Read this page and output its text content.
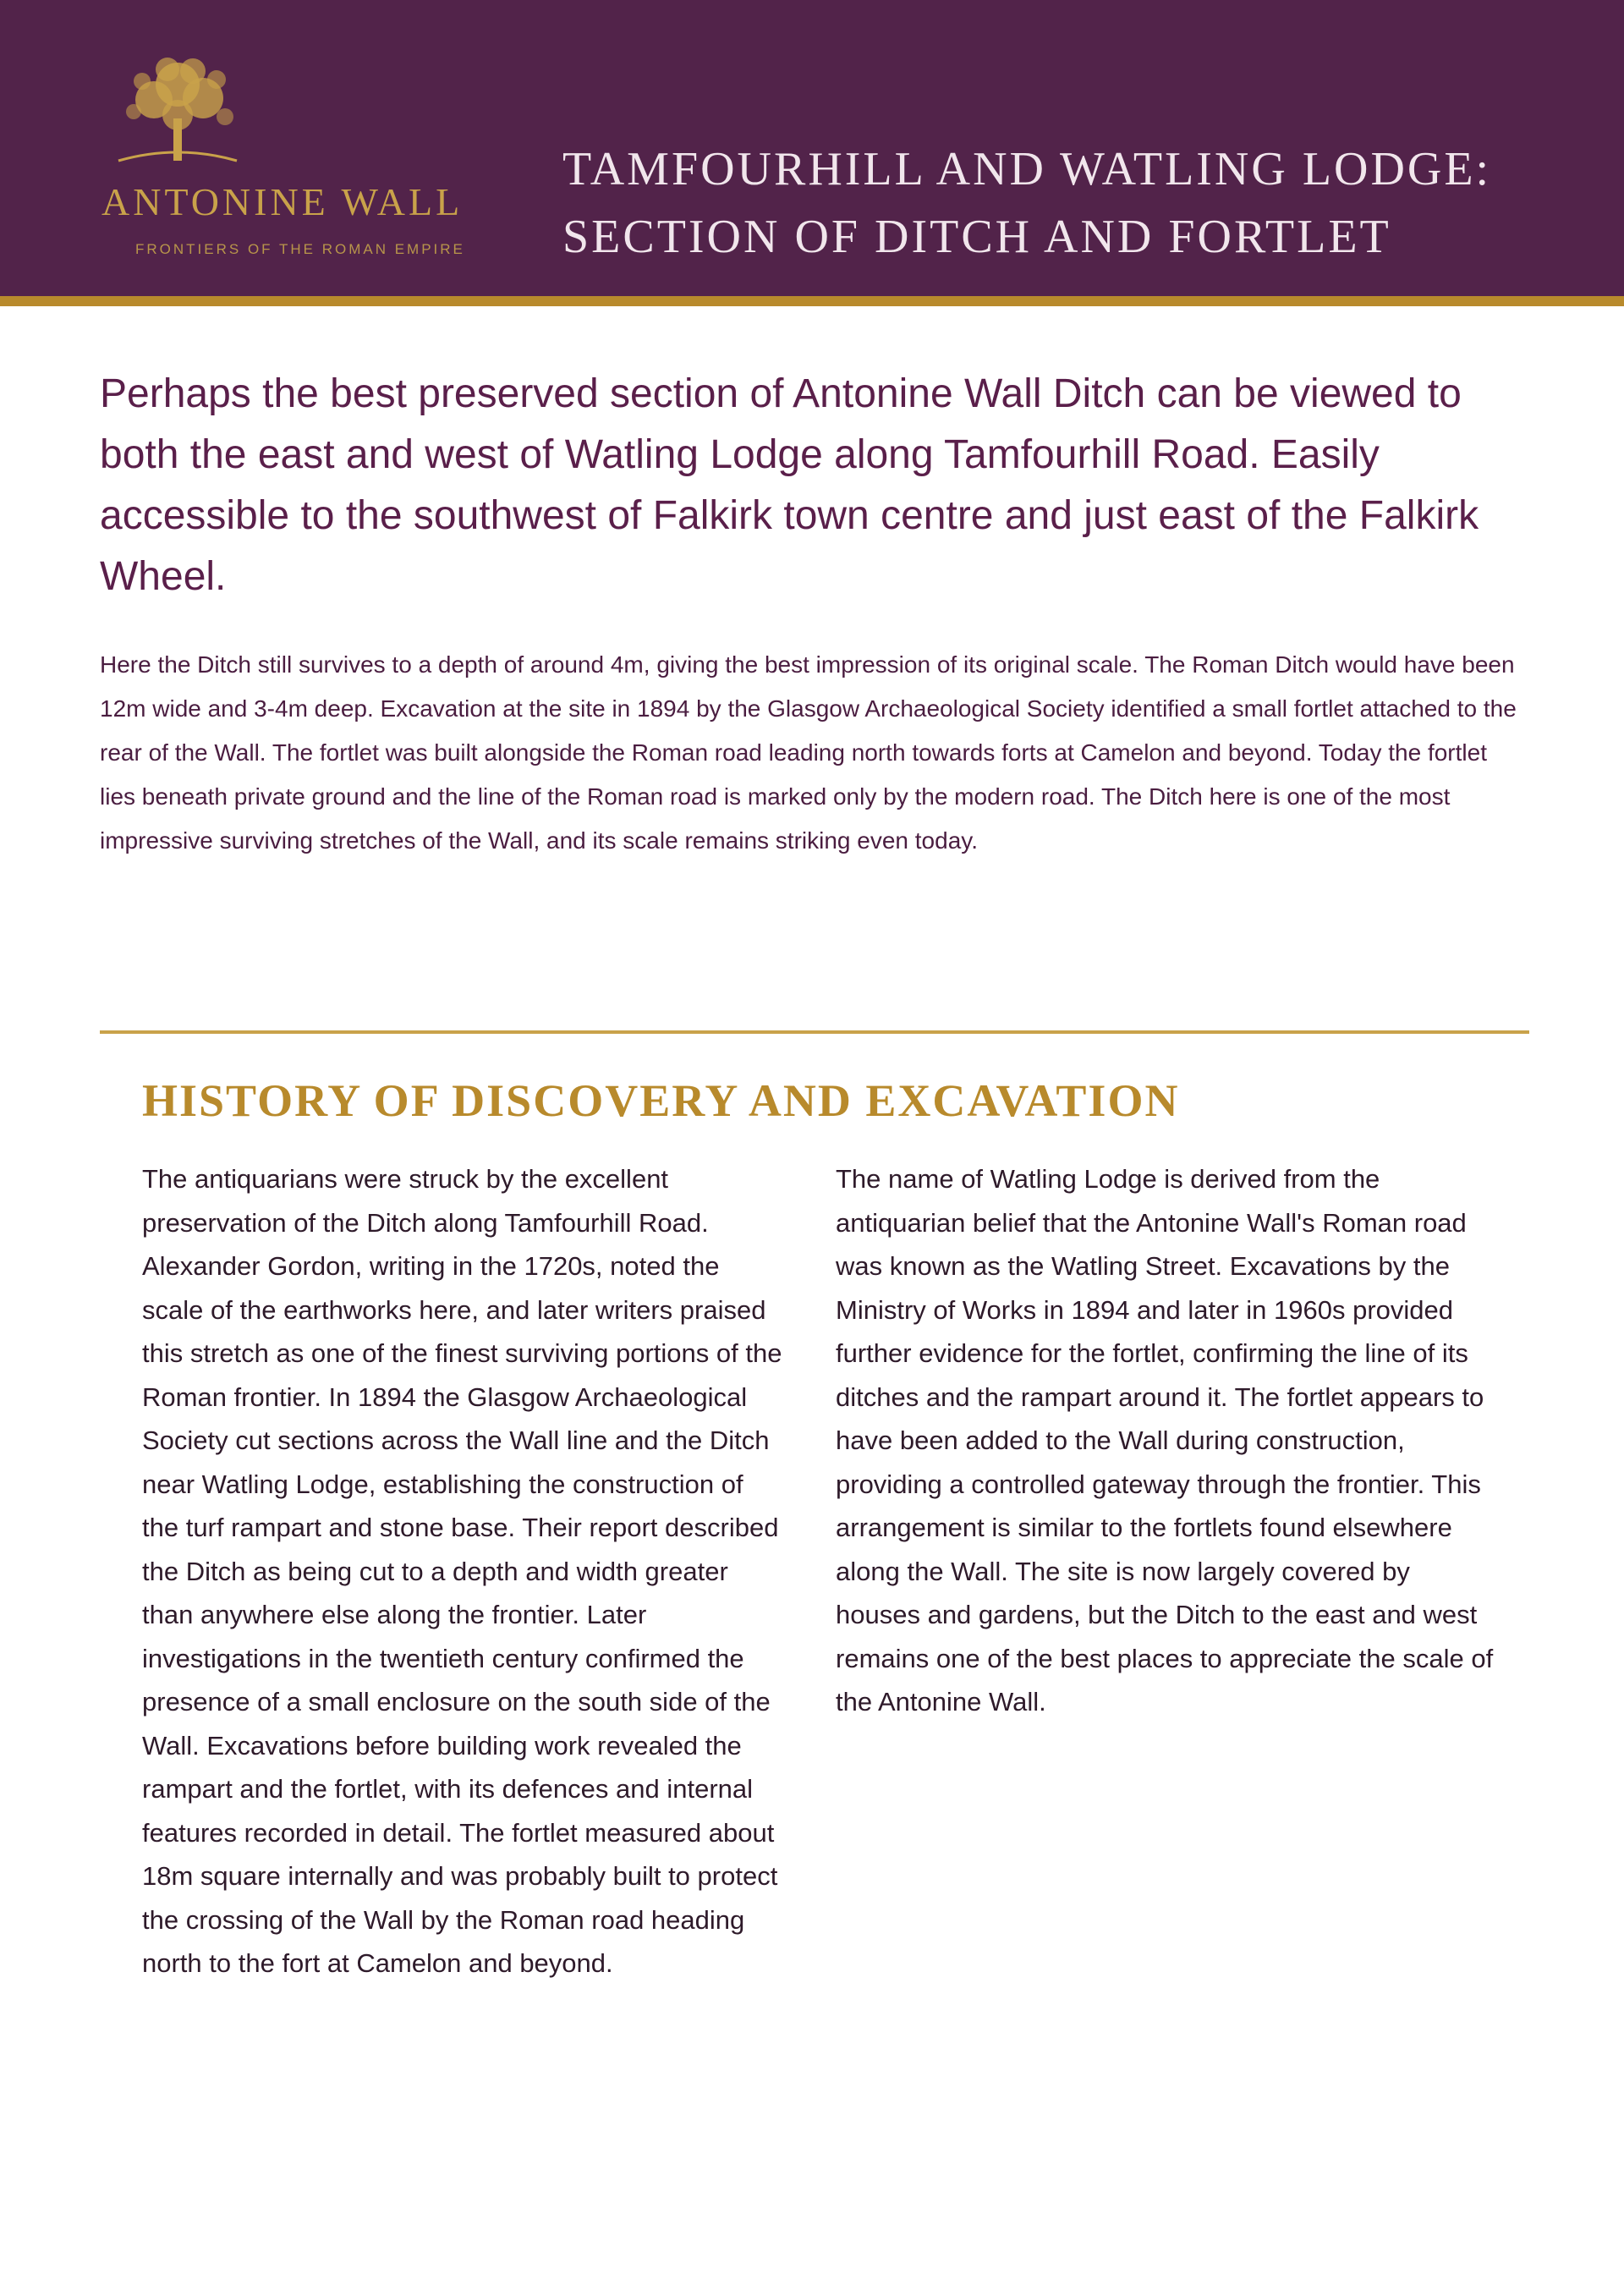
ANTONINE WALL
FRONTIERS OF THE ROMAN EMPIRE
TAMFOURHILL AND WATLING LODGE: SECTION OF DITCH AND FORTLET

Perhaps the best preserved section of Antonine Wall Ditch can be viewed to both the east and west of Watling Lodge along Tamfourhill Road. Easily accessible to the southwest of Falkirk town centre and just east of the Falkirk Wheel.

Here the Ditch still survives to a depth of around 4m, giving the best impression of its original scale. The Roman Ditch would have been 12m wide and 3-4m deep. Excavation at the site in 1894 by the Glasgow Archaeological Society identified a small fortlet attached to the rear of the Wall. The fortlet was built alongside the Roman road leading north towards forts at Camelon and beyond. Today the fortlet lies beneath private ground and the line of the Roman road is marked only by the modern road. The Ditch here is one of the most impressive surviving stretches of the Wall, and its scale remains striking even today.

HISTORY OF DISCOVERY AND EXCAVATION

The antiquarians were struck by the excellent preservation of the Ditch along Tamfourhill Road. Alexander Gordon, writing in the 1720s, noted the scale of the earthworks here, and later writers praised this stretch as one of the finest surviving portions of the Roman frontier. In 1894 the Glasgow Archaeological Society cut sections across the Wall line and the Ditch near Watling Lodge, establishing the construction of the turf rampart and stone base. Their report described the Ditch as being cut to a depth and width greater than anywhere else along the frontier. Later investigations in the twentieth century confirmed the presence of a small enclosure on the south side of the Wall. Excavations before building work revealed the rampart and the fortlet, with its defences and internal features recorded in detail. The fortlet measured about 18m square internally and was probably built to protect the crossing of the Wall by the Roman road heading north to the fort at Camelon and beyond.

The name of Watling Lodge is derived from the antiquarian belief that the Antonine Wall's Roman road was known as the Watling Street. Excavations by the Ministry of Works in 1894 and later in 1960s provided further evidence for the fortlet, confirming the line of its ditches and the rampart around it. The fortlet appears to have been added to the Wall during construction, providing a controlled gateway through the frontier. This arrangement is similar to the fortlets found elsewhere along the Wall. The site is now largely covered by houses and gardens, but the Ditch to the east and west remains one of the best places to appreciate the scale of the Antonine Wall.
